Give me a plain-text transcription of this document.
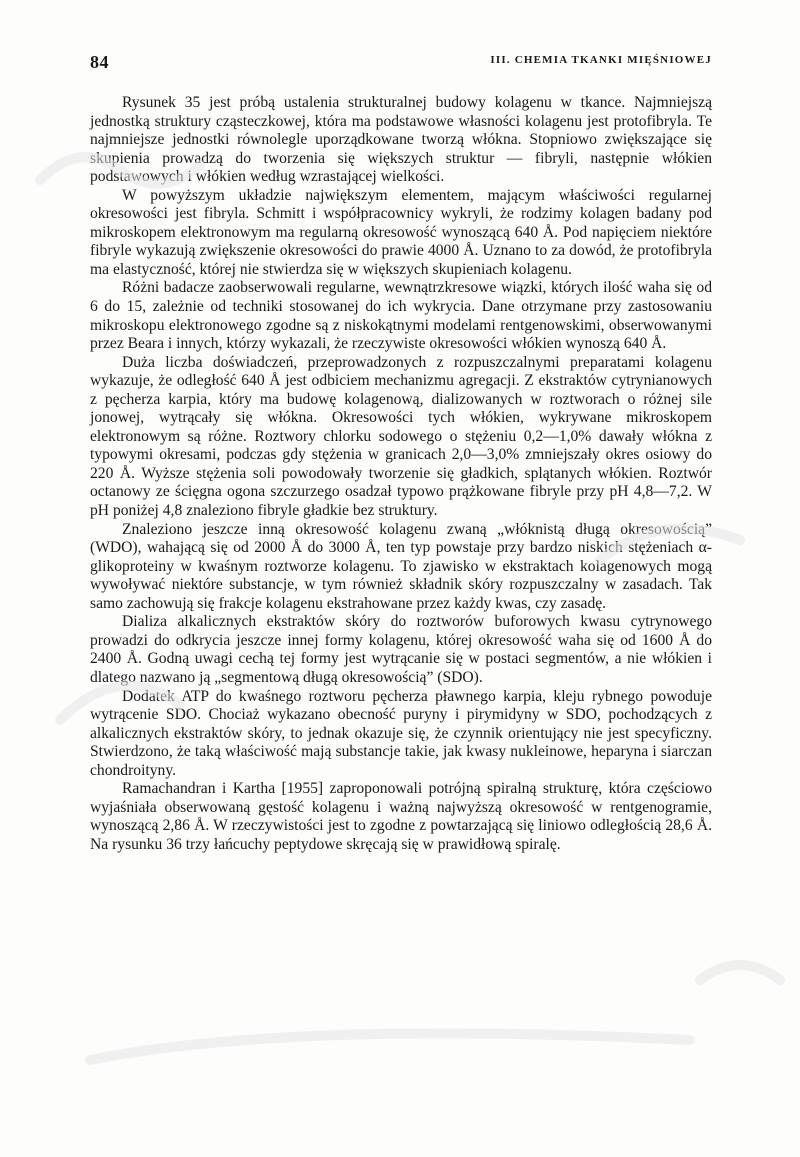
84	III. CHEMIA TKANKI MIĘŚNIOWEJ

Rysunek 35 jest próbą ustalenia strukturalnej budowy kolagenu w tkance. Najmniejszą jednostką struktury cząsteczkowej, która ma podstawowe własności kolagenu jest protofibryla. Te najmniejsze jednostki równolegle uporządkowane tworzą włókna. Stopniowo zwiększające się skupienia prowadzą do tworzenia się większych struktur — fibryli, następnie włókien podstawowych i włókien według wzrastającej wielkości.

W powyższym układzie największym elementem, mającym właściwości regularnej okresowości jest fibryla. Schmitt i współpracownicy wykryli, że rodzimy kolagen badany pod mikroskopem elektronowym ma regularną okresowość wynoszącą 640 Å. Pod napięciem niektóre fibryle wykazują zwiększenie okresowości do prawie 4000 Å. Uznano to za dowód, że protofibryla ma elastyczność, której nie stwierdza się w większych skupieniach kolagenu.

Różni badacze zaobserwowali regularne, wewnątrzkresowe wiązki, których ilość waha się od 6 do 15, zależnie od techniki stosowanej do ich wykrycia. Dane otrzymane przy zastosowaniu mikroskopu elektronowego zgodne są z niskokątnymi modelami rentgenowskimi, obserwowanymi przez Beara i innych, którzy wykazali, że rzeczywiste okresowości włókien wynoszą 640 Å.

Duża liczba doświadczeń, przeprowadzonych z rozpuszczalnymi preparatami kolagenu wykazuje, że odległość 640 Å jest odbiciem mechanizmu agregacji. Z ekstraktów cytrynianowych z pęcherza karpia, który ma budowę kolagenową, dializowanych w roztworach o różnej sile jonowej, wytrącały się włókna. Okresowości tych włókien, wykrywane mikroskopem elektronowym są różne. Roztwory chlorku sodowego o stężeniu 0,2—1,0% dawały włókna z typowymi okresami, podczas gdy stężenia w granicach 2,0—3,0% zmniejszały okres osiowy do 220 Å. Wyższe stężenia soli powodowały tworzenie się gładkich, splątanych włókien. Roztwór octanowy ze ścięgna ogona szczurzego osadzał typowo prążkowane fibryle przy pH 4,8—7,2. W pH poniżej 4,8 znaleziono fibryle gładkie bez struktury.

Znaleziono jeszcze inną okresowość kolagenu zwaną „włóknistą długą okresowością” (WDO), wahającą się od 2000 Å do 3000 Å, ten typ powstaje przy bardzo niskich stężeniach α-glikoproteiny w kwaśnym roztworze kolagenu. To zjawisko w ekstraktach kolagenowych mogą wywoływać niektóre substancje, w tym również składnik skóry rozpuszczalny w zasadach. Tak samo zachowują się frakcje kolagenu ekstrahowane przez każdy kwas, czy zasadę.

Dializa alkalicznych ekstraktów skóry do roztworów buforowych kwasu cytrynowego prowadzi do odkrycia jeszcze innej formy kolagenu, której okresowość waha się od 1600 Å do 2400 Å. Godną uwagi cechą tej formy jest wytrącanie się w postaci segmentów, a nie włókien i dlatego nazwano ją „segmentową długą okresowością” (SDO).

Dodatek ATP do kwaśnego roztworu pęcherza pławnego karpia, kleju rybnego powoduje wytrącenie SDO. Chociaż wykazano obecność puryny i pirymidyny w SDO, pochodzących z alkalicznych ekstraktów skóry, to jednak okazuje się, że czynnik orientujący nie jest specyficzny. Stwierdzono, że taką właściwość mają substancje takie, jak kwasy nukleinowe, heparyna i siarczan chondroityny.

Ramachandran i Kartha [1955] zaproponowali potrójną spiralną strukturę, która częściowo wyjaśniała obserwowaną gęstość kolagenu i ważną najwyższą okresowość w rentgenogramie, wynoszącą 2,86 Å. W rzeczywistości jest to zgodne z powtarzającą się liniowo odległością 28,6 Å. Na rysunku 36 trzy łańcuchy peptydowe skręcają się w prawidłową spiralę.
